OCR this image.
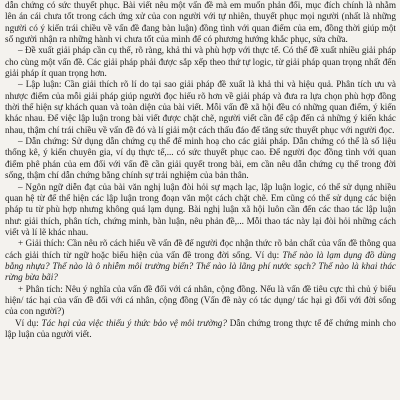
dẫn chứng có sức thuyết phục. Bài viết nêu một vấn đề mà em muốn phản đối, mục đích chính là nhằm lên án cái chưa tốt trong cách ứng xử của con người với tự nhiên, thuyết phục mọi người (nhất là những người có ý kiến trái chiều về vấn đề đang bàn luận) đồng tình với quan điểm của em, đồng thời giúp một số người nhận ra những hành vi chưa tốt của mình để có phương hướng khắc phục, sửa chữa.

– Đề xuất giải pháp cần cụ thể, rõ ràng, khả thi và phù hợp với thực tế. Có thể đề xuất nhiều giải pháp cho cùng một vấn đề. Các giải pháp phải được sắp xếp theo thứ tự logic, từ giải pháp quan trọng nhất đến giải pháp ít quan trọng hơn.

– Lập luận: Cần giải thích rõ lí do tại sao giải pháp đề xuất là khả thi và hiệu quả. Phân tích ưu và nhược điểm của mỗi giải pháp giúp người đọc hiểu rõ hơn về giải pháp và đưa ra lựa chọn phù hợp đồng thời thể hiện sự khách quan và toàn diện của bài viết. Mỗi vấn đề xã hội đều có những quan điểm, ý kiến khác nhau. Để việc lập luận trong bài viết được chặt chẽ, người viết cần để cập đến cả những ý kiến khác nhau, thậm chí trái chiều về vấn đề đó và lí giải một cách thấu đáo để tăng sức thuyết phục với người đọc.

– Dẫn chứng: Sử dụng dẫn chứng cụ thể để minh hoạ cho các giải pháp. Dẫn chứng có thể là số liệu thống kê, ý kiến chuyên gia, ví dụ thực tế,... có sức thuyết phục cao. Để người đọc đồng tình với quan điểm phê phán của em đối với vấn đề cần giải quyết trong bài, em cần nêu dẫn chứng cụ thể trong đời sống, thậm chí dẫn chứng bằng chính sự trải nghiệm của bản thân.

– Ngôn ngữ diễn đạt của bài văn nghị luận đòi hỏi sự mạch lạc, lập luận logic, có thể sử dụng nhiều quan hệ từ để thể hiện các lập luận trong đoạn văn một cách chặt chẽ. Em cũng có thể sử dụng các biện pháp tu từ phù hợp nhưng không quá lạm dụng. Bài nghị luận xã hội luôn cần đến các thao tác lập luận như: giải thích, phân tích, chứng minh, bàn luận, nêu phản đề,... Mỗi thao tác này lại đòi hỏi những cách viết và lí lẽ khác nhau.

+ Giải thích: Cần nêu rõ cách hiểu về vấn đề để người đọc nhận thức rõ bản chất của vấn đề thông qua cách giải thích từ ngữ hoặc biểu hiện của vấn đề trong đời sống. Ví dụ: Thế nào là lạm dụng đồ dùng bằng nhựa? Thế nào là ô nhiễm môi trường biển? Thế nào là lãng phí nước sạch? Thế nào là khai thác rừng bừa bãi?

+ Phân tích: Nêu ý nghĩa của vấn đề đối với cá nhân, cộng đồng. Nếu là vấn đề tiêu cực thì chủ ý biểu hiện/ tác hại của vấn đề đối với cá nhân, cộng đồng (Vấn đề này có tác dụng/ tác hại gì đối với đời sống của con người?)

Ví dụ: Tác hại của việc thiếu ý thức bảo vệ môi trường? Dẫn chứng trong thực tế để chứng minh cho lập luận của người viết.
